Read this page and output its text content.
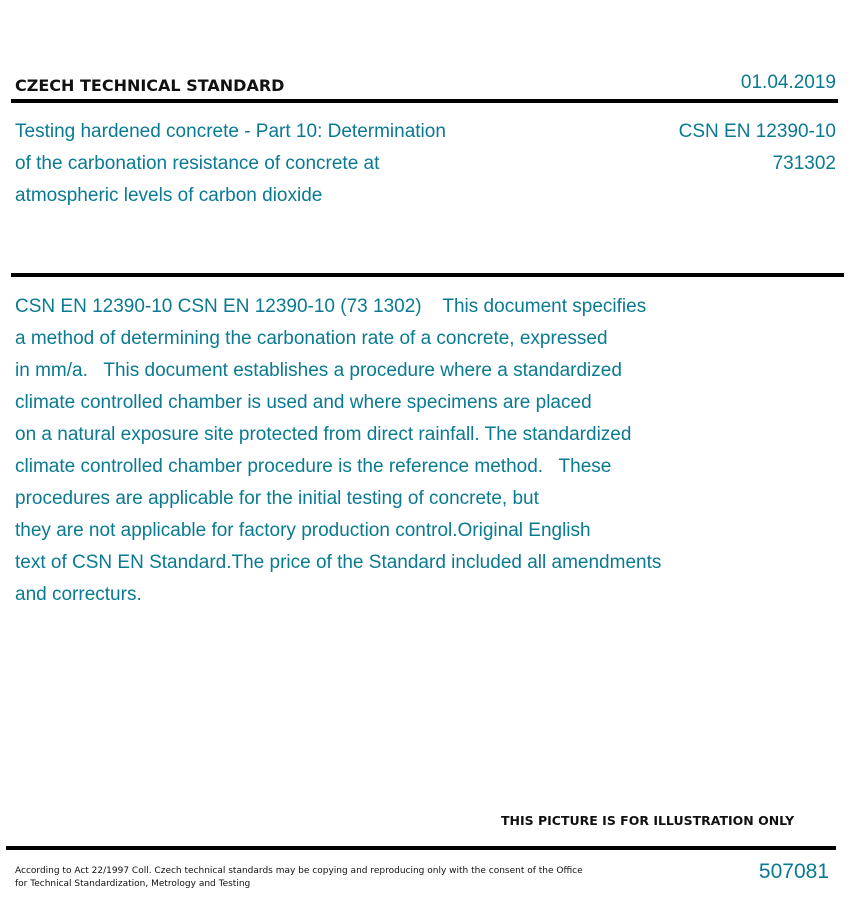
CZECH TECHNICAL STANDARD	01.04.2019
Testing hardened concrete - Part 10: Determination
of the carbonation resistance of concrete at
atmospheric levels of carbon dioxide
CSN EN 12390-10
731302
CSN EN 12390-10 CSN EN 12390-10 (73 1302)    This document specifies
a method of determining the carbonation rate of a concrete, expressed
in mm/a.   This document establishes a procedure where a standardized
climate controlled chamber is used and where specimens are placed
on a natural exposure site protected from direct rainfall. The standardized
climate controlled chamber procedure is the reference method.   These
procedures are applicable for the initial testing of concrete, but
they are not applicable for factory production control.Original English
text of CSN EN Standard.The price of the Standard included all amendments
and correcturs.
THIS PICTURE IS FOR ILLUSTRATION ONLY
According to Act 22/1997 Coll. Czech technical standards may be copying and reproducing only with the consent of the Office
for Technical Standardization, Metrology and Testing
507081
